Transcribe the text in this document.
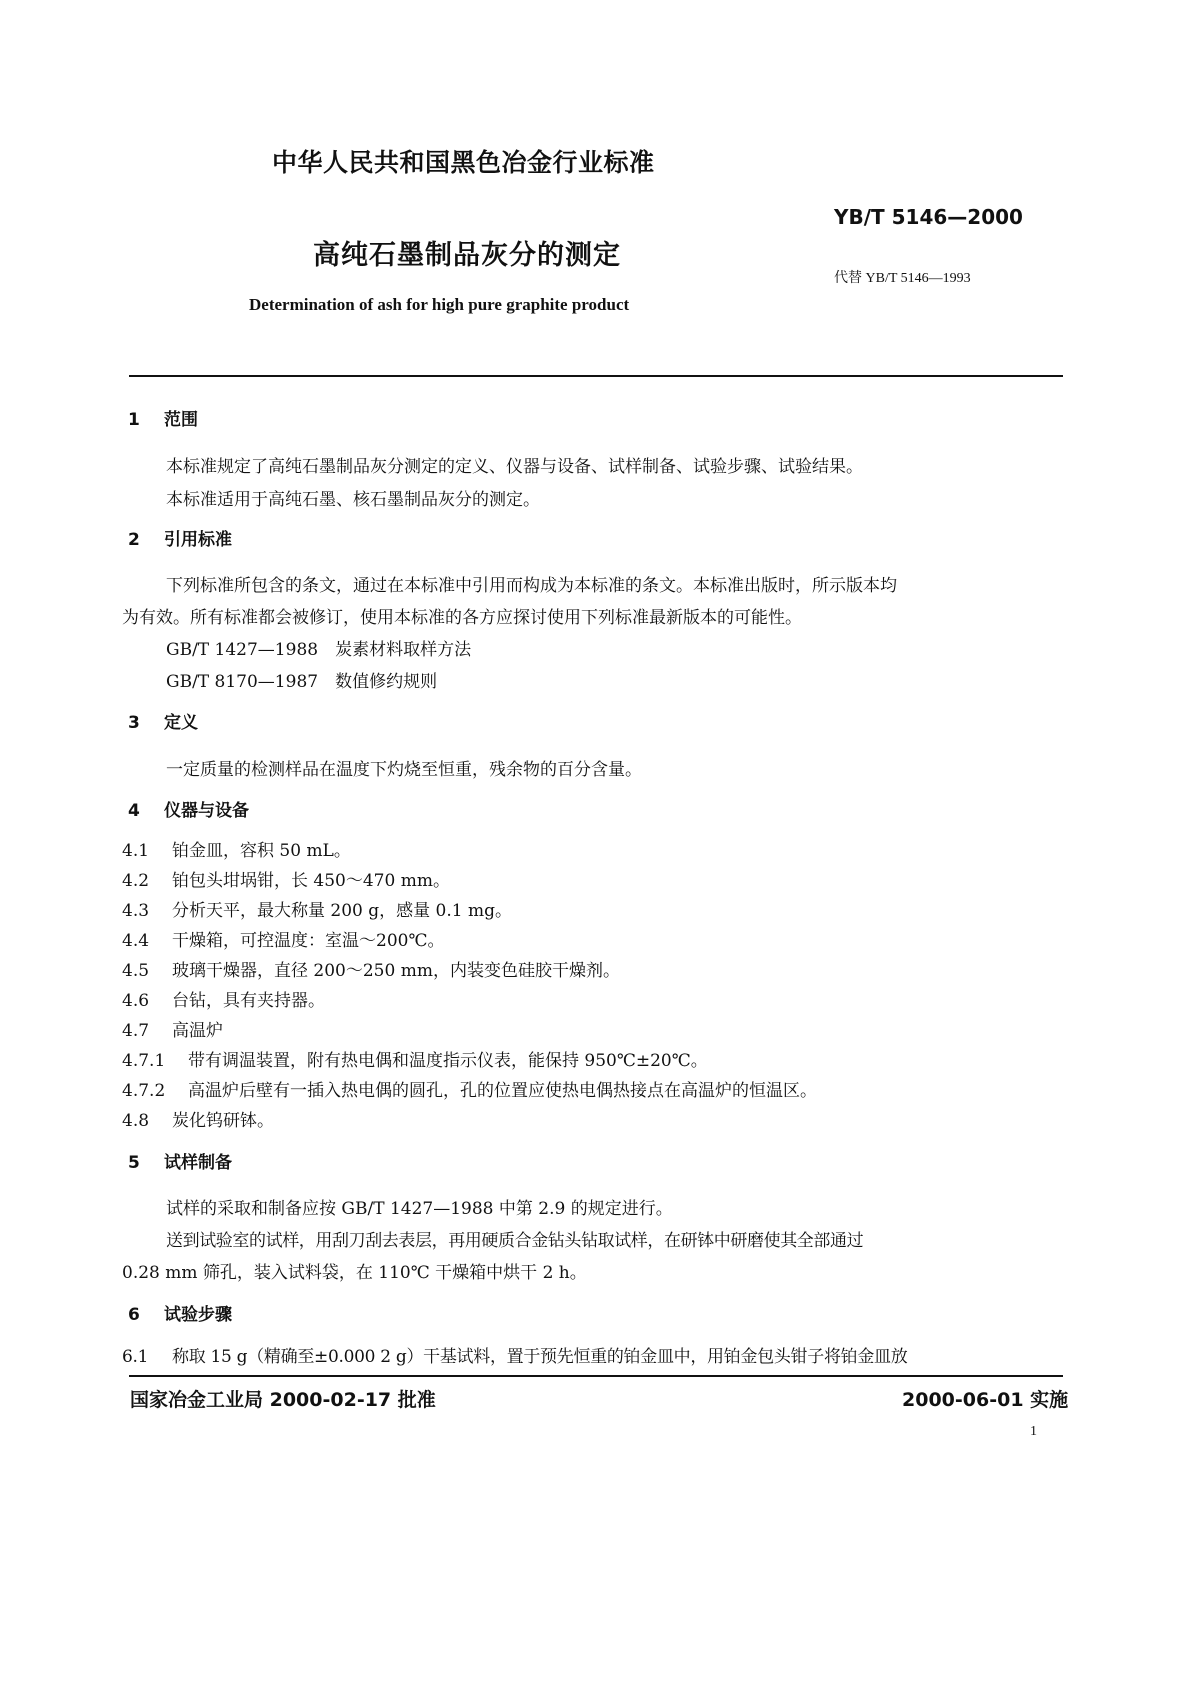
中华人民共和国黑色冶金行业标准
YB/T 5146—2000
高纯石墨制品灰分的测定
代替 YB/T 5146—1993
Determination of ash for high pure graphite product
1 范围
本标准规定了高纯石墨制品灰分测定的定义、仪器与设备、试样制备、试验步骤、试验结果。
本标准适用于高纯石墨、核石墨制品灰分的测定。
2 引用标准
下列标准所包含的条文，通过在本标准中引用而构成为本标准的条文。本标准出版时，所示版本均
为有效。所有标准都会被修订，使用本标准的各方应探讨使用下列标准最新版本的可能性。
GB/T 1427—1988　炭素材料取样方法
GB/T 8170—1987　数值修约规则
3 定义
一定质量的检测样品在温度下灼烧至恒重，残余物的百分含量。
4 仪器与设备
4.1 铂金皿，容积 50 mL。
4.2 铂包头坩埚钳，长 450～470 mm。
4.3 分析天平，最大称量 200 g，感量 0.1 mg。
4.4 干燥箱，可控温度：室温～200℃。
4.5 玻璃干燥器，直径 200～250 mm，内装变色硅胶干燥剂。
4.6 台钻，具有夹持器。
4.7 高温炉
4.7.1 带有调温装置，附有热电偶和温度指示仪表，能保持 950℃±20℃。
4.7.2 高温炉后壁有一插入热电偶的圆孔，孔的位置应使热电偶热接点在高温炉的恒温区。
4.8 炭化钨研钵。
5 试样制备
试样的采取和制备应按 GB/T 1427—1988 中第 2.9 的规定进行。
送到试验室的试样，用刮刀刮去表层，再用硬质合金钻头钻取试样，在研钵中研磨使其全部通过
0.28 mm 筛孔，装入试料袋，在 110℃ 干燥箱中烘干 2 h。
6 试验步骤
6.1 称取 15 g（精确至±0.000 2 g）干基试料，置于预先恒重的铂金皿中，用铂金包头钳子将铂金皿放
国家冶金工业局 2000-02-17 批准	2000-06-01 实施
1
